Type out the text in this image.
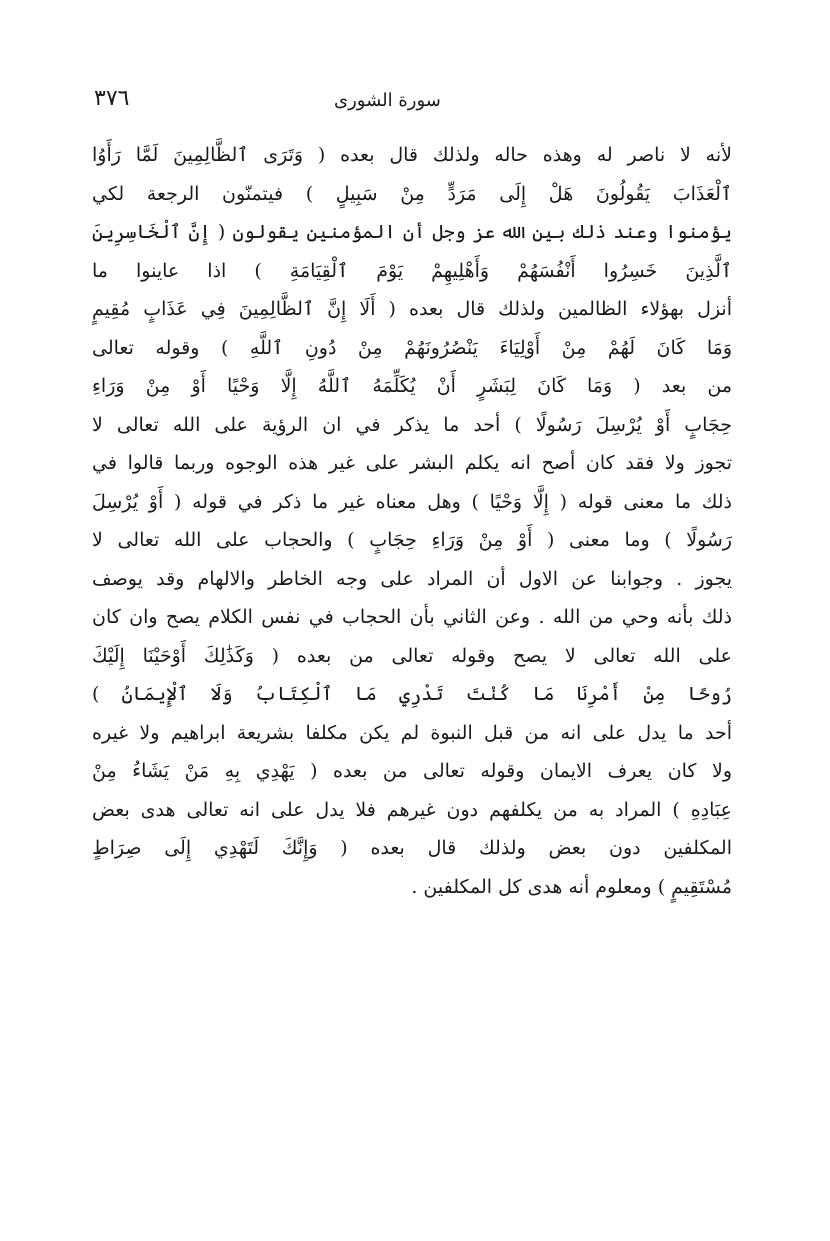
٣٧٦	سورة الشورى
لأنه لا ناصر له وهذه حاله ولذلك قال بعده ( وَتَرَى ٱلظَّالِمِينَ لَمَّا رَأَوُا
ٱلْعَذَابَ يَقُولُونَ هَلْ إِلَى مَرَدٍّ مِنْ سَبِيلٍ ) فيتمنّون الرجعة لكي
يؤمنوا وعند ذلك بين الله عز وجل أن المؤمنين يقولون ( إِنَّ ٱلْخَاسِرِينَ
ٱلَّذِينَ خَسِرُوا أَنْفُسَهُمْ وَأَهْلِيهِمْ يَوْمَ ٱلْقِيَامَةِ ) اذا عاينوا ما
أنزل بهؤلاء الظالمين ولذلك قال بعده ( أَلَا إِنَّ ٱلظَّالِمِينَ فِي عَذَابٍ مُقِيمٍ
وَمَا كَانَ لَهُمْ مِنْ أَوْلِيَاءَ يَنْصُرُونَهُمْ مِنْ دُونِ ٱللَّهِ ) وقوله تعالى
من بعد ( وَمَا كَانَ لِبَشَرٍ أَنْ يُكَلِّمَهُ ٱللَّهُ إِلَّا وَحْيًا أَوْ مِنْ وَرَاءِ
حِجَابٍ أَوْ يُرْسِلَ رَسُولًا ) أحد ما يذكر في ان الرؤية على الله تعالى لا
تجوز ولا فقد كان أصح انه يكلم البشر على غير هذه الوجوه وربما قالوا في
ذلك ما معنى قوله ( إِلَّا وَحْيًا ) وهل معناه غير ما ذكر في قوله ( أَوْ يُرْسِلَ
رَسُولًا ) وما معنى ( أَوْ مِنْ وَرَاءِ حِجَابٍ ) والحجاب على الله تعالى لا
يجوز . وجوابنا عن الاول أن المراد على وجه الخاطر والالهام وقد يوصف
ذلك بأنه وحي من الله . وعن الثاني بأن الحجاب في نفس الكلام يصح وان كان
على الله تعالى لا يصح وقوله تعالى من بعده ( وَكَذَٰلِكَ أَوْحَيْنَا إِلَيْكَ
رُوحًا مِنْ أَمْرِنَا مَا كُنْتَ تَدْرِي مَا ٱلْكِتَابُ وَلَا ٱلْإِيمَانُ )
أحد ما يدل على انه من قبل النبوة لم يكن مكلفا بشريعة ابراهيم ولا غيره
ولا كان يعرف الايمان وقوله تعالى من بعده ( يَهْدِي بِهِ مَنْ يَشَاءُ مِنْ
عِبَادِهِ ) المراد به من يكلفهم دون غيرهم فلا يدل على انه تعالى هدى بعض
المكلفين دون بعض ولذلك قال بعده ( وَإِنَّكَ لَتَهْدِي إِلَى صِرَاطٍ
مُسْتَقِيمٍ ) ومعلوم أنه هدى كل المكلفين .
